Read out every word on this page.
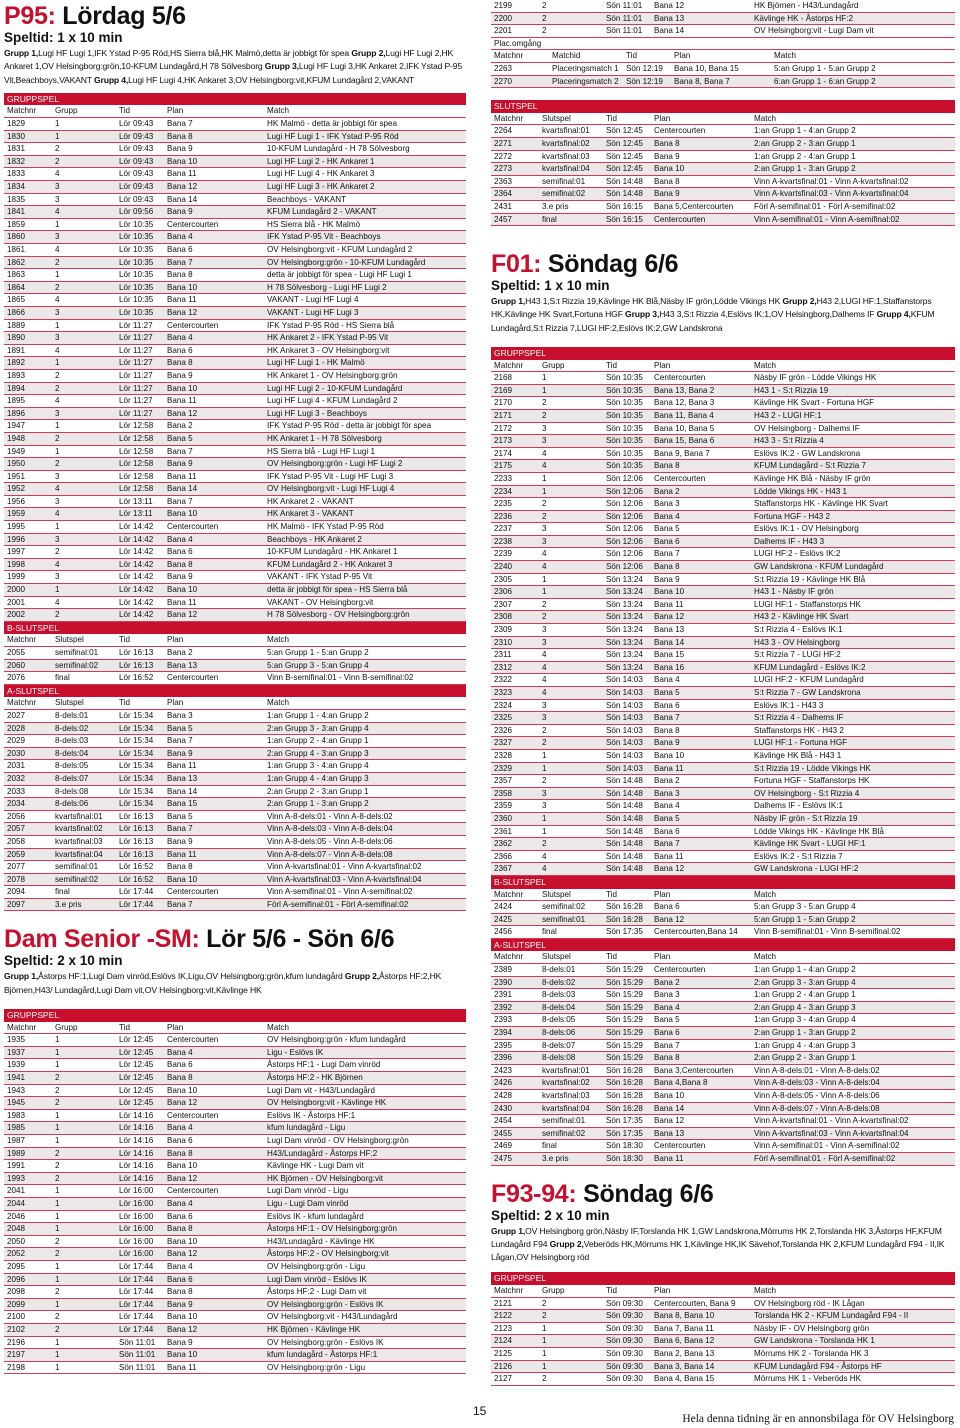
P95: Lördag 5/6
Speltid: 1 x 10 min
Grupp 1,Lugi HF Lugi 1,IFK Ystad P-95 Röd,HS Sierra blå,HK Malmö,detta är jobbigt för spea Grupp 2,Lugi HF Lugi 2,HK Ankaret 1,OV Helsingborg:grön,10-KFUM Lundagård,H 78 Sölvesborg Grupp 3,Lugi HF Lugi 3,HK Ankaret 2,IFK Ystad P-95 Vit,Beachboys,VAKANT Grupp 4,Lugi HF Lugi 4,HK Ankaret 3,OV Helsingborg:vit,KFUM Lundagård 2,VAKANT
GRUPPSPEL
Matchnr	Grupp	Tid	Plan	Match
1829	1	Lör 09:43	Bana 7	HK Malmö - detta är jobbigt för spea
1830	1	Lör 09:43	Bana 8	Lugi HF Lugi 1 - IFK Ystad P-95 Röd
1831	2	Lör 09:43	Bana 9	10-KFUM Lundagård - H 78 Sölvesborg
1832	2	Lör 09:43	Bana 10	Lugi HF Lugi 2 - HK Ankaret 1
1833	4	Lör 09:43	Bana 11	Lugi HF Lugi 4 - HK Ankaret 3
1834	3	Lör 09:43	Bana 12	Lugi HF Lugi 3 - HK Ankaret 2
1835	3	Lör 09:43	Bana 14	Beachboys - VAKANT
1841	4	Lör 09:56	Bana 9	KFUM Lundagård 2 - VAKANT
1859	1	Lör 10:35	Centercourten	HS Sierra blå - HK Malmö
1860	3	Lör 10:35	Bana 4	IFK Ystad P-95 Vit - Beachboys
1861	4	Lör 10:35	Bana 6	OV Helsingborg:vit - KFUM Lundagård 2
1862	2	Lör 10:35	Bana 7	OV Helsingborg:grön - 10-KFUM Lundagård
1863	1	Lör 10:35	Bana 8	detta är jobbigt för spea - Lugi HF Lugi 1
1864	2	Lör 10:35	Bana 10	H 78 Sölvesborg - Lugi HF Lugi 2
1865	4	Lör 10:35	Bana 11	VAKANT - Lugi HF Lugi 4
1866	3	Lör 10:35	Bana 12	VAKANT - Lugi HF Lugi 3
1889	1	Lör 11:27	Centercourten	IFK Ystad P-95 Röd - HS Sierra blå
1890	3	Lör 11:27	Bana 4	HK Ankaret 2 - IFK Ystad P-95 Vit
1891	4	Lör 11:27	Bana 6	HK Ankaret 3 - OV Helsingborg:vit
1892	1	Lör 11:27	Bana 8	Lugi HF Lugi 1 - HK Malmö
1893	2	Lör 11:27	Bana 9	HK Ankaret 1 - OV Helsingborg:grön
1894	2	Lör 11:27	Bana 10	Lugi HF Lugi 2 - 10-KFUM Lundagård
1895	4	Lör 11:27	Bana 11	Lugi HF Lugi 4 - KFUM Lundagård 2
1896	3	Lör 11:27	Bana 12	Lugi HF Lugi 3 - Beachboys
1947	1	Lör 12:58	Bana 2	IFK Ystad P-95 Röd - detta är jobbigt för spea
1948	2	Lör 12:58	Bana 5	HK Ankaret 1 - H 78 Sölvesborg
1949	1	Lör 12:58	Bana 7	HS Sierra blå - Lugi HF Lugi 1
1950	2	Lör 12:58	Bana 9	OV Helsingborg:grön - Lugi HF Lugi 2
1951	3	Lör 12:58	Bana 11	IFK Ystad P-95 Vit - Lugi HF Lugi 3
1952	4	Lör 12:58	Bana 14	OV Helsingborg:vit - Lugi HF Lugi 4
1956	3	Lör 13:11	Bana 7	HK Ankaret 2 - VAKANT
1959	4	Lör 13:11	Bana 10	HK Ankaret 3 - VAKANT
1995	1	Lör 14:42	Centercourten	HK Malmö - IFK Ystad P-95 Röd
1996	3	Lör 14:42	Bana 4	Beachboys - HK Ankaret 2
1997	2	Lör 14:42	Bana 6	10-KFUM Lundagård - HK Ankaret 1
1998	4	Lör 14:42	Bana 8	KFUM Lundagård 2 - HK Ankaret 3
1999	3	Lör 14:42	Bana 9	VAKANT - IFK Ystad P-95 Vit
2000	1	Lör 14:42	Bana 10	detta är jobbigt för spea - HS Sierra blå
2001	4	Lör 14:42	Bana 11	VAKANT - OV Helsingborg:vit
2002	2	Lör 14:42	Bana 12	H 78 Sölvesborg - OV Helsingborg:grön
B-SLUTSPEL
Matchnr	Slutspel	Tid	Plan	Match
2055	semifinal:01	Lör 16:13	Bana 2	5:an Grupp 1 - 5:an Grupp 2
2060	semifinal:02	Lör 16:13	Bana 13	5:an Grupp 3 - 5:an Grupp 4
2076	final	Lör 16:52	Centercourten	Vinn B-semifinal:01 - Vinn B-semifinal:02
A-SLUTSPEL
Matchnr	Slutspel	Tid	Plan	Match
2027	8-dels:01	Lör 15:34	Bana 3	1:an Grupp 1 - 4:an Grupp 2
2028	8-dels:02	Lör 15:34	Bana 5	2:an Grupp 3 - 3:an Grupp 4
2029	8-dels:03	Lör 15:34	Bana 7	1:an Grupp 2 - 4:an Grupp 1
2030	8-dels:04	Lör 15:34	Bana 9	2:an Grupp 4 - 3:an Grupp 3
2031	8-dels:05	Lör 15:34	Bana 11	1:an Grupp 3 - 4:an Grupp 4
2032	8-dels:07	Lör 15:34	Bana 13	1:an Grupp 4 - 4:an Grupp 3
2033	8-dels:08	Lör 15:34	Bana 14	2:an Grupp 2 - 3:an Grupp 1
2034	8-dels:06	Lör 15:34	Bana 15	2:an Grupp 1 - 3:an Grupp 2
2056	kvartsfinal:01	Lör 16:13	Bana 5	Vinn A-8-dels:01 - Vinn A-8-dels:02
2057	kvartsfinal:02	Lör 16:13	Bana 7	Vinn A-8-dels:03 - Vinn A-8-dels:04
2058	kvartsfinal:03	Lör 16:13	Bana 9	Vinn A-8-dels:05 - Vinn A-8-dels:06
2059	kvartsfinal:04	Lör 16:13	Bana 11	Vinn A-8-dels:07 - Vinn A-8-dels:08
2077	semifinal:01	Lör 16:52	Bana 8	Vinn A-kvartsfinal:01 - Vinn A-kvartsfinal:02
2078	semifinal:02	Lör 16:52	Bana 10	Vinn A-kvartsfinal:03 - Vinn A-kvartsfinal:04
2094	final	Lör 17:44	Centercourten	Vinn A-semifinal:01 - Vinn A-semifinal:02
2097	3.e pris	Lör 17:44	Bana 7	Förl A-semifinal:01 - Förl A-semifinal:02
Dam Senior -SM: Lör 5/6 - Sön 6/6
Speltid: 2 x 10 min
Grupp 1,Åstorps HF:1,Lugi Dam vinröd,Eslövs IK,Ligu,OV Helsingborg:grön,kfum lundagård Grupp 2,Åstorps HF:2,HK Björnen,H43/ Lundagård,Lugi Dam vit,OV Helsingborg:vit,Kävlinge HK
GRUPPSPEL
Matchnr	Grupp	Tid	Plan	Match
1935	1	Lör 12:45	Centercourten	OV Helsingborg:grön - kfum lundagård
1937	1	Lör 12:45	Bana 4	Ligu - Eslövs IK
1939	1	Lör 12:45	Bana 6	Åstorps HF:1 - Lugi Dam vinröd
1941	2	Lör 12:45	Bana 8	Åstorps HF:2 - HK Björnen
1943	2	Lör 12:45	Bana 10	Lugi Dam vit - H43/Lundagård
1945	2	Lör 12:45	Bana 12	OV Helsingborg:vit - Kävlinge HK
1983	1	Lör 14:16	Centercourten	Eslövs IK - Åstorps HF:1
1985	1	Lör 14:16	Bana 4	kfum lundagård - Ligu
1987	1	Lör 14:16	Bana 6	Lugi Dam vinröd - OV Helsingborg:grön
1989	2	Lör 14:16	Bana 8	H43/Lundagård - Åstorps HF:2
1991	2	Lör 14:16	Bana 10	Kävlinge HK - Lugi Dam vit
1993	2	Lör 14:16	Bana 12	HK Björnen - OV Helsingborg:vit
2041	1	Lör 16:00	Centercourten	Lugi Dam vinröd - Ligu
2044	1	Lör 16:00	Bana 4	Ligu - Lugi Dam vinröd
2046	1	Lör 16:00	Bana 6	Eslövs IK - kfum lundagård
2048	1	Lör 16:00	Bana 8	Åstorps HF:1 - OV Helsingborg:grön
2050	2	Lör 16:00	Bana 10	H43/Lundagård - Kävlinge HK
2052	2	Lör 16:00	Bana 12	Åstorps HF:2 - OV Helsingborg:vit
2095	1	Lör 17:44	Bana 4	OV Helsingborg:grön - Ligu
2096	1	Lör 17:44	Bana 6	Lugi Dam vinröd - Eslövs IK
2098	2	Lör 17:44	Bana 8	Åstorps HF:2 - Lugi Dam vit
2099	1	Lör 17:44	Bana 9	OV Helsingborg:grön - Eslövs IK
2100	2	Lör 17:44	Bana 10	OV Helsingborg:vit - H43/Lundagård
2102	2	Lör 17:44	Bana 12	HK Björnen - Kävlinge HK
2196	1	Sön 11:01	Bana 9	OV Helsingborg:grön - Eslövs IK
2197	1	Sön 11:01	Bana 10	kfum lundagård - Åstorps HF:1
2198	1	Sön 11:01	Bana 11	OV Helsingborg:grön - Ligu
2199	2	Sön 11:01	Bana 12	HK Björnen - H43/Lundagård
2200	2	Sön 11:01	Bana 13	Kävlinge HK - Åstorps HF:2
2201	2	Sön 11:01	Bana 14	OV Helsingborg:vit - Lugi Dam vit
Plac.omgång
Matchnr	Matchid	Tid	Plan	Match
2263	Placeringsmatch 1 Sön 12:19	Bana 10, Bana 15	5:an Grupp 1 - 5:an Grupp 2
2270	Placeringsmatch 2 Sön 12:19	Bana 8, Bana 7	6:an Grupp 1 - 6:an Grupp 2
SLUTSPEL
Matchnr	Slutspel	Tid	Plan	Match
2264	kvartsfinal:01	Sön 12:45	Centercourten	1:an Grupp 1 - 4:an Grupp 2
2271	kvartsfinal:02	Sön 12:45	Bana 8	2:an Grupp 2 - 3:an Grupp 1
2272	kvartsfinal:03	Sön 12:45	Bana 9	1:an Grupp 2 - 4:an Grupp 1
2273	kvartsfinal:04	Sön 12:45	Bana 10	2:an Grupp 1 - 3:an Grupp 2
2363	semifinal:01	Sön 14:48	Bana 8	Vinn A-kvartsfinal:01 - Vinn A-kvartsfinal:02
2364	semifinal:02	Sön 14:48	Bana 9	Vinn A-kvartsfinal:03 - Vinn A-kvartsfinal:04
2431	3.e pris	Sön 16:15	Bana 5,Centercourten	Förl A-semifinal:01 - Förl A-semifinal:02
2457	final	Sön 16:15	Centercourten	Vinn A-semifinal:01 - Vinn A-semifinal:02
F01: Söndag 6/6
Speltid: 1 x 10 min
Grupp 1,H43 1,S:t Rizzia 19,Kävlinge HK Blå,Näsby IF grön,Lödde Vikings HK Grupp 2,H43 2,LUGI HF:1,Staffanstorps HK,Kävlinge HK Svart,Fortuna HGF Grupp 3,H43 3,S:t Rizzia 4,Eslövs IK:1,OV Helsingborg,Dalhems IF Grupp 4,KFUM Lundagård,S:t Rizzia 7,LUGI HF:2,Eslövs IK:2,GW Landskrona
GRUPPSPEL
Matchnr	Grupp	Tid	Plan	Match
2168	1	Sön 10:35	Centercourten	Näsby IF grön - Lödde Vikings HK
2169	1	Sön 10:35	Bana 13, Bana 2	H43 1 - S:t Rizzia 19
2170	2	Sön 10:35	Bana 12, Bana 3	Kävlinge HK Svart - Fortuna HGF
2171	2	Sön 10:35	Bana 11, Bana 4	H43 2 - LUGI HF:1
2172	3	Sön 10:35	Bana 10, Bana 5	OV Helsingborg - Dalhems IF
2173	3	Sön 10:35	Bana 15, Bana 6	H43 3 - S:t Rizzia 4
2174	4	Sön 10:35	Bana 9, Bana 7	Eslövs IK:2 - GW Landskrona
2175	4	Sön 10:35	Bana 8	KFUM Lundagård - S:t Rizzia 7
2233	1	Sön 12:06	Centercourten	Kävlinge HK Blå - Näsby IF grön
2234	1	Sön 12:06	Bana 2	Lödde Vikings HK - H43 1
2235	2	Sön 12:06	Bana 3	Staffanstorps HK - Kävlinge HK Svart
2236	2	Sön 12:06	Bana 4	Fortuna HGF - H43 2
2237	3	Sön 12:06	Bana 5	Eslövs IK:1 - OV Helsingborg
2238	3	Sön 12:06	Bana 6	Dalhems IF - H43 3
2239	4	Sön 12:06	Bana 7	LUGI HF:2 - Eslövs IK:2
2240	4	Sön 12:06	Bana 8	GW Landskrona - KFUM Lundagård
2305	1	Sön 13:24	Bana 9	S:t Rizzia 19 - Kävlinge HK Blå
2306	1	Sön 13:24	Bana 10	H43 1 - Näsby IF grön
2307	2	Sön 13:24	Bana 11	LUGI HF:1 - Staffanstorps HK
2308	2	Sön 13:24	Bana 12	H43 2 - Kävlinge HK Svart
2309	3	Sön 13:24	Bana 13	S:t Rizzia 4 - Eslövs IK:1
2310	3	Sön 13:24	Bana 14	H43 3 - OV Helsingborg
2311	4	Sön 13:24	Bana 15	S:t Rizzia 7 - LUGI HF:2
2312	4	Sön 13:24	Bana 16	KFUM Lundagård - Eslövs IK:2
2322	4	Sön 14:03	Bana 4	LUGI HF:2 - KFUM Lundagård
2323	4	Sön 14:03	Bana 5	S:t Rizzia 7 - GW Landskrona
2324	3	Sön 14:03	Bana 6	Eslövs IK:1 - H43 3
2325	3	Sön 14:03	Bana 7	S:t Rizzia 4 - Dalhems IF
2326	2	Sön 14:03	Bana 8	Staffanstorps HK - H43 2
2327	2	Sön 14:03	Bana 9	LUGI HF:1 - Fortuna HGF
2328	1	Sön 14:03	Bana 10	Kävlinge HK Blå - H43 1
2329	1	Sön 14:03	Bana 11	S:t Rizzia 19 - Lödde Vikings HK
2357	2	Sön 14:48	Bana 2	Fortuna HGF - Staffanstorps HK
2358	3	Sön 14:48	Bana 3	OV Helsingborg - S:t Rizzia 4
2359	3	Sön 14:48	Bana 4	Dalhems IF - Eslövs IK:1
2360	1	Sön 14:48	Bana 5	Näsby IF grön - S:t Rizzia 19
2361	1	Sön 14:48	Bana 6	Lödde Vikings HK - Kävlinge HK Blå
2362	2	Sön 14:48	Bana 7	Kävlinge HK Svart - LUGI HF:1
2366	4	Sön 14:48	Bana 11	Eslövs IK:2 - S:t Rizzia 7
2367	4	Sön 14:48	Bana 12	GW Landskrona - LUGI HF:2
B-SLUTSPEL
Matchnr	Slutspel	Tid	Plan	Match
2424	semifinal:02	Sön 16:28	Bana 6	5:an Grupp 3 - 5:an Grupp 4
2425	semifinal:01	Sön 16:28	Bana 12	5:an Grupp 1 - 5:an Grupp 2
2456	final	Sön 17:35	Centercourten,Bana 14	Vinn B-semifinal:01 - Vinn B-semifinal:02
A-SLUTSPEL
Matchnr	Slutspel	Tid	Plan	Match
2389	8-dels:01	Sön 15:29	Centercourten	1:an Grupp 1 - 4:an Grupp 2
2390	8-dels:02	Sön 15:29	Bana 2	2:an Grupp 3 - 3:an Grupp 4
2391	8-dels:03	Sön 15:29	Bana 3	1:an Grupp 2 - 4:an Grupp 1
2392	8-dels:04	Sön 15:29	Bana 4	2:an Grupp 4 - 3:an Grupp 3
2393	8-dels:05	Sön 15:29	Bana 5	1:an Grupp 3 - 4:an Grupp 4
2394	8-dels:06	Sön 15:29	Bana 6	2:an Grupp 1 - 3:an Grupp 2
2395	8-dels:07	Sön 15:29	Bana 7	1:an Grupp 4 - 4:an Grupp 3
2396	8-dels:08	Sön 15:29	Bana 8	2:an Grupp 2 - 3:an Grupp 1
2423	kvartsfinal:01	Sön 16:28	Bana 3,Centercourten	Vinn A-8-dels:01 - Vinn A-8-dels:02
2426	kvartsfinal:02	Sön 16:28	Bana 4,Bana 8	Vinn A-8-dels:03 - Vinn A-8-dels:04
2428	kvartsfinal:03	Sön 16:28	Bana 10	Vinn A-8-dels:05 - Vinn A-8-dels:06
2430	kvartsfinal:04	Sön 16:28	Bana 14	Vinn A-8-dels:07 - Vinn A-8-dels:08
2454	semifinal:01	Sön 17:35	Bana 12	Vinn A-kvartsfinal:01 - Vinn A-kvartsfinal:02
2455	semifinal:02	Sön 17:35	Bana 13	Vinn A-kvartsfinal:03 - Vinn A-kvartsfinal:04
2469	final	Sön 18:30	Centercourten	Vinn A-semifinal:01 - Vinn A-semifinal:02
2475	3.e pris	Sön 18:30	Bana 11	Förl A-semifinal:01 - Förl A-semifinal:02
F93-94: Söndag 6/6
Speltid: 2 x 10 min
Grupp 1,OV Helsingborg grön,Näsby IF,Torslanda HK 1,GW Landskrona,Mörrums HK 2,Torslanda HK 3,Åstorps HF,KFUM Lundagård F94 Grupp 2,Veberöds HK,Mörrums HK 1,Kävlinge HK,IK Sävehof,Torslanda HK 2,KFUM Lundagård F94 - II,IK Lågan,OV Helsingborg röd
GRUPPSPEL
Matchnr	Grupp	Tid	Plan	Match
2121	2	Sön 09:30	Centercourten, Bana 9	OV Helsingborg röd - IK Lågan
2122	2	Sön 09:30	Bana 8, Bana 10	Torslanda HK 2 - KFUM Lundagård F94 - II
2123	1	Sön 09:30	Bana 7, Bana 11	Näsby IF - OV Helsingborg grön
2124	1	Sön 09:30	Bana 6, Bana 12	GW Landskrona - Torslanda HK 1
2125	1	Sön 09:30	Bana 2, Bana 13	Mörrums HK 2 - Torslanda HK 3
2126	1	Sön 09:30	Bana 3, Bana 14	KFUM Lundagård F94 - Åstorps HF
2127	2	Sön 09:30	Bana 4, Bana 15	Mörrums HK 1 - Veberöds HK
15
Hela denna tidning är en annonsbilaga för OV Helsingborg
